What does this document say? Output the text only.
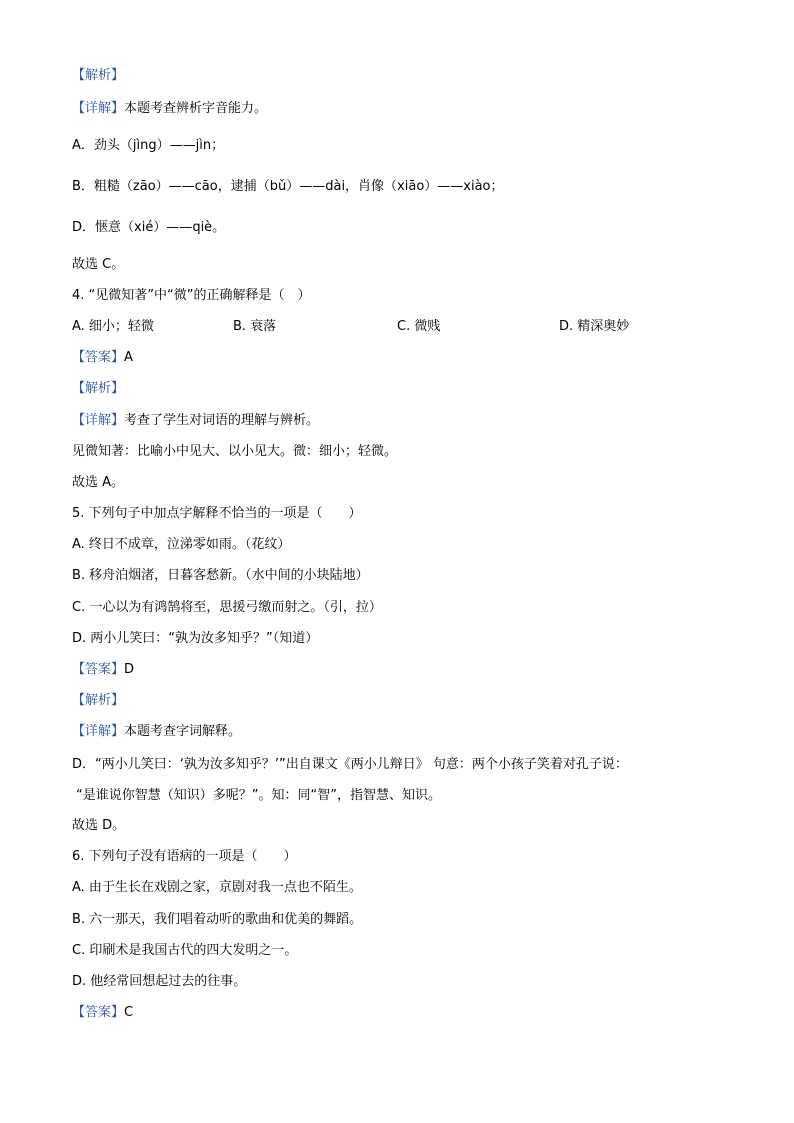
【解析】
【详解】本题考查辨析字音能力。
A．劲头（jìng）——jìn；
B．粗糙（zāo）——cāo，逮捕（bǔ）——dài，肖像（xiāo）——xiào；
D．惬意（xié）——qiè。
故选 C。
4. “见微知著”中“微”的正确解释是（　）
A. 细小；轻微	B. 衰落	C. 微贱	D. 精深奥妙
【答案】A
【解析】
【详解】考查了学生对词语的理解与辨析。
见微知著：比喻小中见大、以小见大。微：细小；轻微。
故选 A。
5. 下列句子中加点字解释不恰当的一项是（　　）
A. 终日不成章，泣涕零如雨。（花纹）
B. 移舟泊烟渚，日暮客愁新。（水中间的小块陆地）
C. 一心以为有鸿鹄将至，思援弓缴而射之。（引，拉）
D. 两小儿笑曰：“孰为汝多知乎？”（知道）
【答案】D
【解析】
【详解】本题考查字词解释。
D．“两小儿笑曰：‘孰为汝多知乎？’”出自课文《两小儿辩日》 句意：两个小孩子笑着对孔子说：
“是谁说你智慧（知识）多呢？”。知：同“智”，指智慧、知识。
故选 D。
6. 下列句子没有语病的一项是（　　）
A. 由于生长在戏剧之家，京剧对我一点也不陌生。
B. 六一那天，我们唱着动听的歌曲和优美的舞蹈。
C. 印刷术是我国古代的四大发明之一。
D. 他经常回想起过去的往事。
【答案】C
